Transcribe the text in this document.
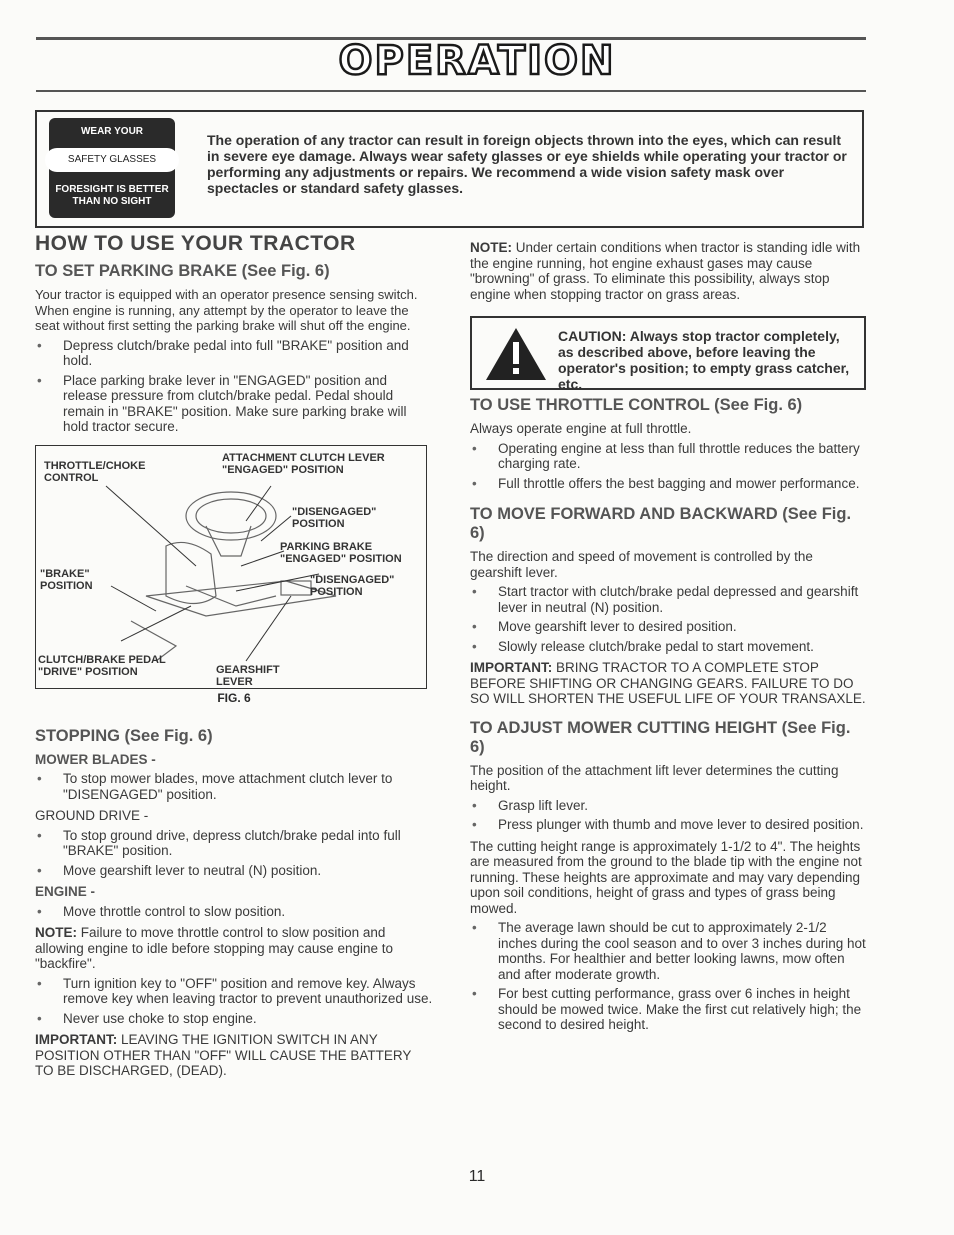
OPERATION
WEAR YOUR
SAFETY GLASSES
FORESIGHT IS BETTER THAN NO SIGHT
The operation of any tractor can result in foreign objects thrown into the eyes, which can result in severe eye damage. Always wear safety glasses or eye shields while operating your tractor or performing any adjustments or repairs. We recommend a wide vision safety mask over spectacles or standard safety glasses.
HOW TO USE YOUR TRACTOR
TO SET PARKING BRAKE (See Fig. 6)

Your tractor is equipped with an operator presence sensing switch. When engine is running, any attempt by the operator to leave the seat without first setting the parking brake will shut off the engine.

• Depress clutch/brake pedal into full "BRAKE" position and hold.
• Place parking brake lever in "ENGAGED" position and release pressure from clutch/brake pedal. Pedal should remain in "BRAKE" position. Make sure parking brake will hold tractor secure.
THROTTLE/CHOKE CONTROL
ATTACHMENT CLUTCH LEVER "ENGAGED" POSITION
"DISENGAGED" POSITION
PARKING BRAKE "ENGAGED" POSITION
"BRAKE" POSITION	"DISENGAGED" POSITION
CLUTCH/BRAKE PEDAL "DRIVE" POSITION	GEARSHIFT LEVER
FIG. 6
STOPPING (See Fig. 6)

MOWER BLADES -

• To stop mower blades, move attachment clutch lever to "DISENGAGED" position.

GROUND DRIVE -

• To stop ground drive, depress clutch/brake pedal into full "BRAKE" position.
• Move gearshift lever to neutral (N) position.

ENGINE -

• Move throttle control to slow position.

NOTE: Failure to move throttle control to slow position and allowing engine to idle before stopping may cause engine to "backfire".

• Turn ignition key to "OFF" position and remove key. Always remove key when leaving tractor to prevent unauthorized use.
• Never use choke to stop engine.

IMPORTANT: LEAVING THE IGNITION SWITCH IN ANY POSITION OTHER THAN "OFF" WILL CAUSE THE BATTERY TO BE DISCHARGED, (DEAD).

NOTE: Under certain conditions when tractor is standing idle with the engine running, hot engine exhaust gases may cause "browning" of grass. To eliminate this possibility, always stop engine when stopping tractor on grass areas.

CAUTION: Always stop tractor completely, as described above, before leaving the operator's position; to empty grass catcher, etc.

TO USE THROTTLE CONTROL (See Fig. 6)

Always operate engine at full throttle.

• Operating engine at less than full throttle reduces the battery charging rate.
• Full throttle offers the best bagging and mower performance.
TO MOVE FORWARD AND BACKWARD (See Fig. 6)

The direction and speed of movement is controlled by the gearshift lever.

• Start tractor with clutch/brake pedal depressed and gearshift lever in neutral (N) position.
• Move gearshift lever to desired position.
• Slowly release clutch/brake pedal to start movement.

IMPORTANT: BRING TRACTOR TO A COMPLETE STOP BEFORE SHIFTING OR CHANGING GEARS. FAILURE TO DO SO WILL SHORTEN THE USEFUL LIFE OF YOUR TRANSAXLE.

TO ADJUST MOWER CUTTING HEIGHT (See Fig. 6)

The position of the attachment lift lever determines the cutting height.

• Grasp lift lever.
• Press plunger with thumb and move lever to desired position.

The cutting height range is approximately 1-1/2 to 4". The heights are measured from the ground to the blade tip with the engine not running. These heights are approximate and may vary depending upon soil conditions, height of grass and types of grass being mowed.

• The average lawn should be cut to approximately 2-1/2 inches during the cool season and to over 3 inches during hot months. For healthier and better looking lawns, mow often and after moderate growth.
• For best cutting performance, grass over 6 inches in height should be mowed twice. Make the first cut relatively high; the second to desired height.
11
